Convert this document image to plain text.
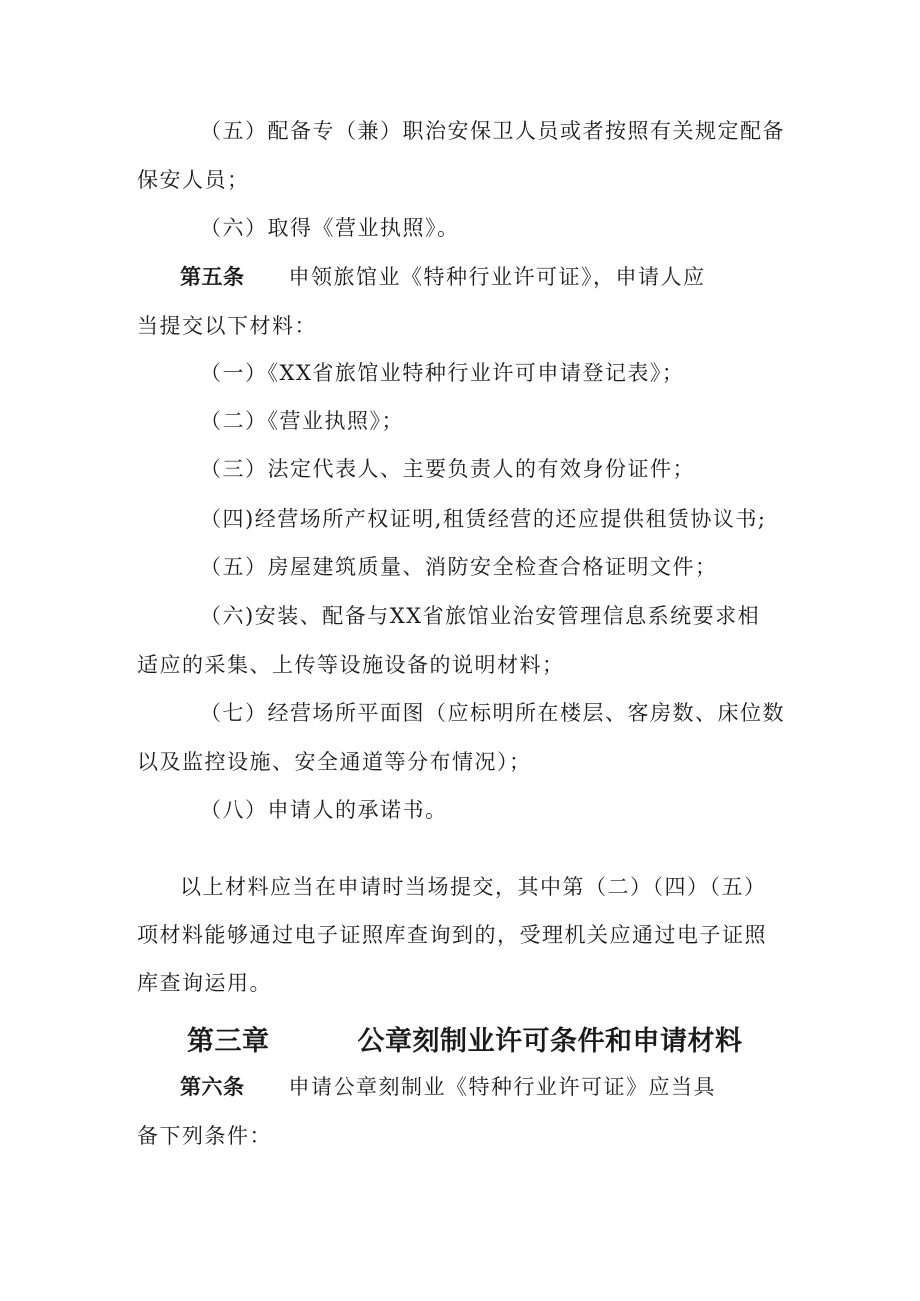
（五）配备专（兼）职治安保卫人员或者按照有关规定配备
保安人员；
（六）取得《营业执照》。
第五条 申领旅馆业《特种行业许可证》，申请人应
当提交以下材料：
（一）《XX省旅馆业特种行业许可申请登记表》；
（二）《营业执照》；
（三）法定代表人、主要负责人的有效身份证件；
（四)经营场所产权证明,租赁经营的还应提供租赁协议书;
（五）房屋建筑质量、消防安全检查合格证明文件；
（六)安装、配备与XX省旅馆业治安管理信息系统要求相
适应的采集、上传等设施设备的说明材料；
（七）经营场所平面图（应标明所在楼层、客房数、床位数
以及监控设施、安全通道等分布情况）；
（八）申请人的承诺书。
以上材料应当在申请时当场提交，其中第（二）（四）（五）
项材料能够通过电子证照库查询到的，受理机关应通过电子证照
库查询运用。
第三章	公章刻制业许可条件和申请材料
第六条 申请公章刻制业《特种行业许可证》应当具
备下列条件：
